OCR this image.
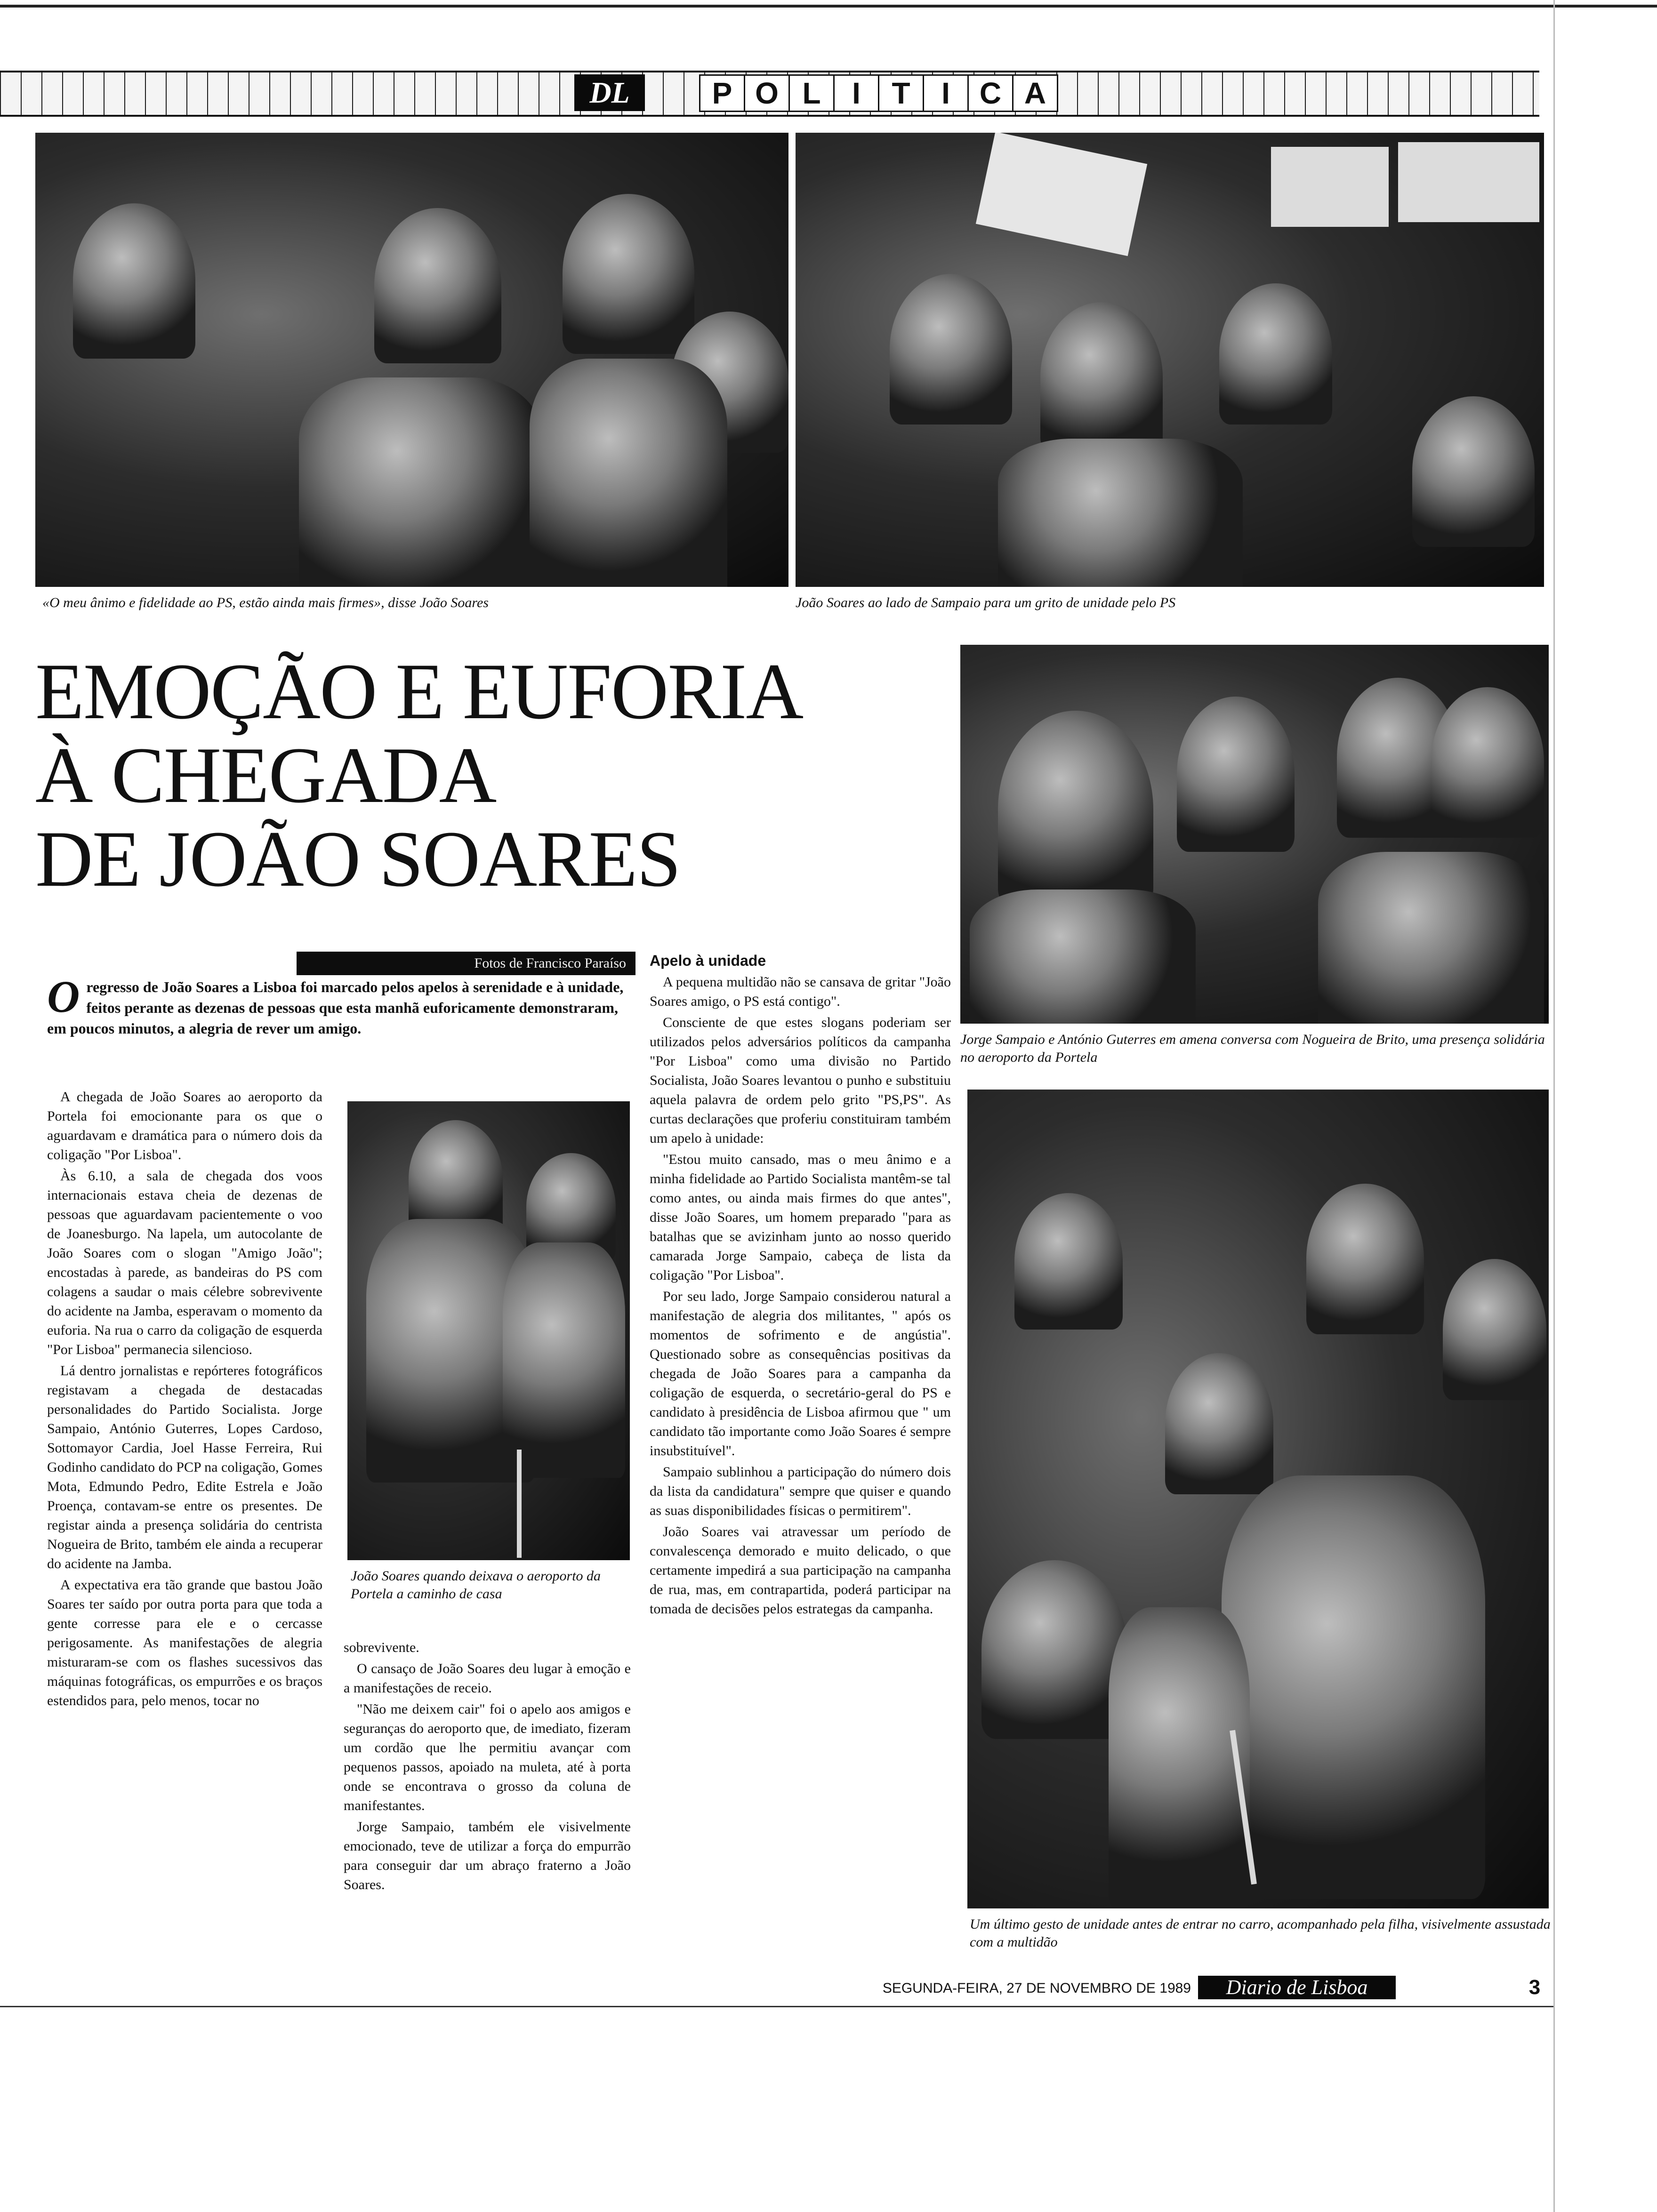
DL	P O L	I	T	I C A
«O meu ânimo e fidelidade ao PS, estão ainda mais firmes», disse João Soares	João Soares ao lado de Sampaio para um grito de unidade pelo PS
EMOÇÃO E EUFORIA
À CHEGADA
DE JOÃO SOARES
Fotos de Francisco Paraíso
O regresso de João Soares a Lisboa foi marcado pelos apelos à serenidade e à unidade, feitos perante as dezenas de pessoas que esta manhã euforicamente demonstraram, em poucos minutos, a alegria de rever um amigo.

A chegada de João Soares ao aeroporto da Portela foi emocionante para os que o aguardavam e dramática para o número dois da coligação "Por Lisboa".

Às 6.10, a sala de chegada dos voos internacionais estava cheia de dezenas de pessoas que aguardavam pacientemente o voo de Joanesburgo. Na lapela, um autocolante de João Soares com o slogan "Amigo João"; encostadas à parede, as bandeiras do PS com colagens a saudar o mais célebre sobrevivente do acidente na Jamba, esperavam o momento da euforia. Na rua o carro da coligação de esquerda "Por Lisboa" permanecia silencioso.

Lá dentro jornalistas e repórteres fotográficos registavam a chegada de destacadas personalidades do Partido Socialista. Jorge Sampaio, António Guterres, Lopes Cardoso, Sottomayor Cardia, Joel Hasse Ferreira, Rui Godinho candidato do PCP na coligação, Gomes Mota, Edmundo Pedro, Edite Estrela e João Proença, contavam-se entre os presentes. De registar ainda a presença solidária do centrista Nogueira de Brito, também ele ainda a recuperar do acidente na Jamba.

A expectativa era tão grande que bastou João Soares ter saído por outra porta para que toda a gente corresse para ele e o cercasse perigosamente. As manifestações de alegria misturaram-se com os flashes sucessivos das máquinas fotográficas, os empurrões e os braços estendidos para, pelo menos, tocar no

João Soares quando deixava o aeroporto da Portela a caminho de casa

sobrevivente.

O cansaço de João Soares deu lugar à emoção e a manifestações de receio.

"Não me deixem cair" foi o apelo aos amigos e seguranças do aeroporto que, de imediato, fizeram um cordão que lhe permitiu avançar com pequenos passos, apoiado na muleta, até à porta onde se encontrava o grosso da coluna de manifestantes.

Jorge Sampaio, também ele visivelmente emocionado, teve de utilizar a força do empurrão para conseguir dar um abraço fraterno a João Soares.

Apelo à unidade

A pequena multidão não se cansava de gritar "João Soares amigo, o PS está contigo".

Consciente de que estes slogans poderiam ser utilizados pelos adversários políticos da campanha "Por Lisboa" como uma divisão no Partido Socialista, João Soares levantou o punho e substituiu aquela palavra de ordem pelo grito "PS,PS". As curtas declarações que proferiu constituiram também um apelo à unidade:

"Estou muito cansado, mas o meu ânimo e a minha fidelidade ao Partido Socialista mantêm-se tal como antes, ou ainda mais firmes do que antes", disse João Soares, um homem preparado "para as batalhas que se avizinham junto ao nosso querido camarada Jorge Sampaio, cabeça de lista da coligação "Por Lisboa".

Por seu lado, Jorge Sampaio considerou natural a manifestação de alegria dos militantes, " após os momentos de sofrimento e de angústia". Questionado sobre as consequências positivas da chegada de João Soares para a campanha da coligação de esquerda, o secretário-geral do PS e candidato à presidência de Lisboa afirmou que " um candidato tão importante como João Soares é sempre insubstituível".

Sampaio sublinhou a participação do número dois da lista da candidatura" sempre que quiser e quando as suas disponibilidades físicas o permitirem".

João Soares vai atravessar um período de convalescença demorado e muito delicado, o que certamente impedirá a sua participação na campanha de rua, mas, em contrapartida, poderá participar na tomada de decisões pelos estrategas da campanha.

Jorge Sampaio e António Guterres em amena conversa com Nogueira de Brito, uma presença solidária no aeroporto da Portela
Um último gesto de unidade antes de entrar no carro, acompanhado pela filha, visivelmente assustada com a multidão
SEGUNDA-FEIRA, 27 DE NOVEMBRO DE 1989	Diario de Lisboa	3
